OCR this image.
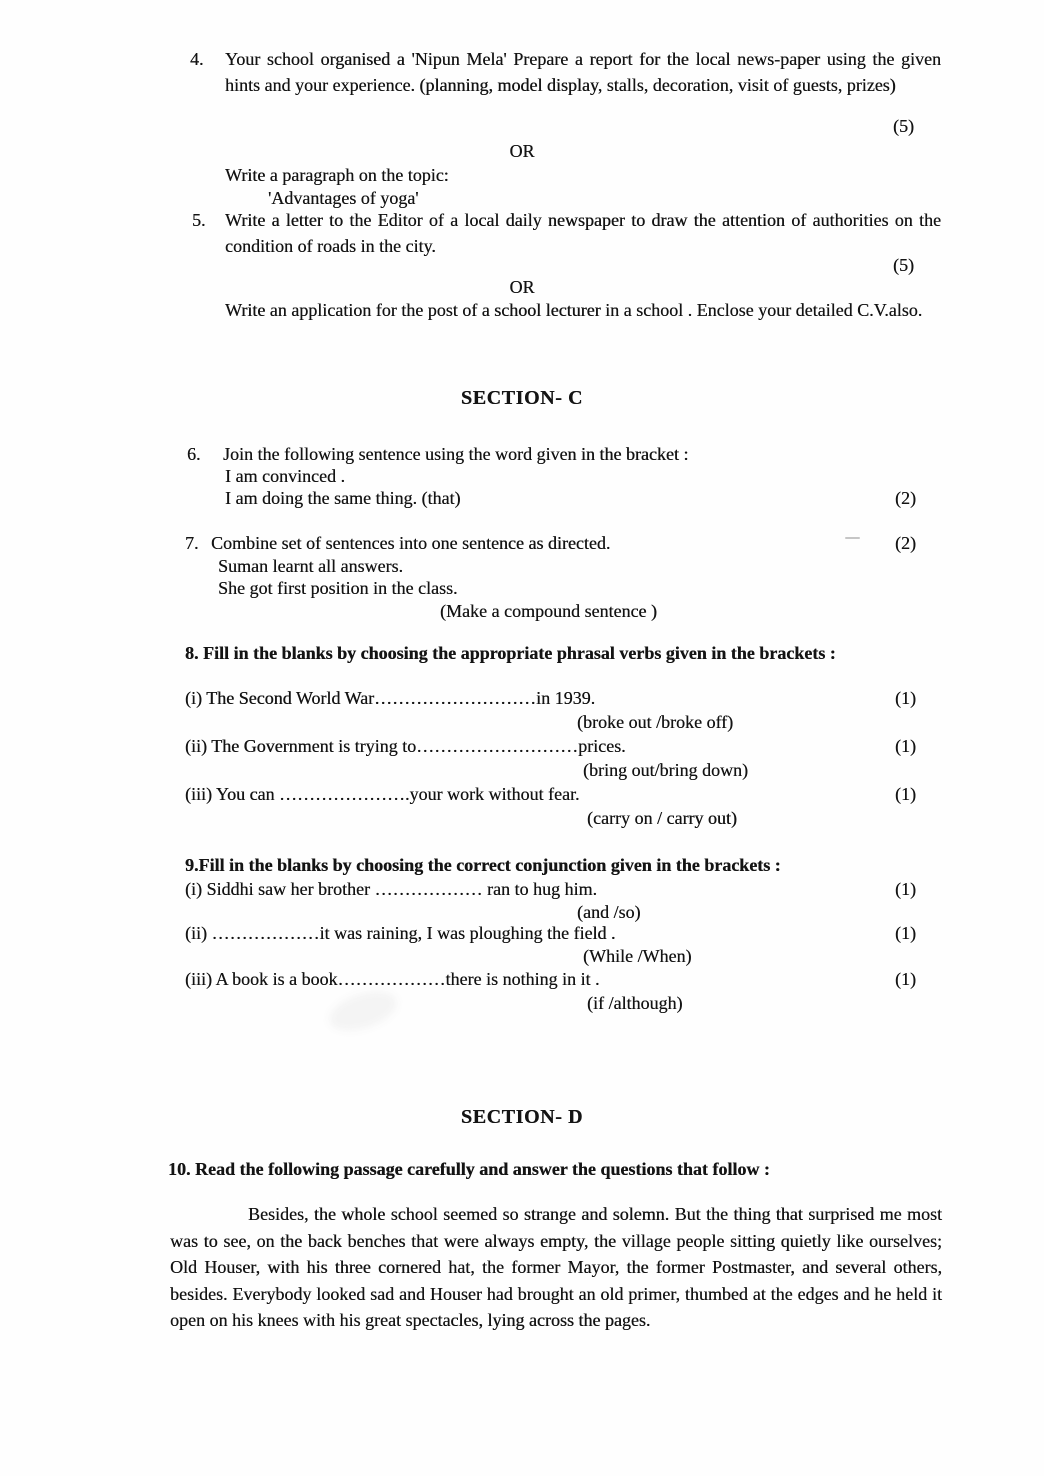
4. Your school organised a 'Nipun Mela' Prepare a report for the local news-paper using the given hints and your experience. (planning, model display, stalls, decoration, visit of guests, prizes)
(5)
OR
Write a paragraph on the topic:
'Advantages of yoga'
5. Write a letter to the Editor of a local daily newspaper to draw the attention of authorities on the condition of roads in the city.
(5)
OR
Write an application for the post of a school lecturer in a school . Enclose your detailed C.V.also.
SECTION- C
6. Join the following sentence using the word given in the bracket :
I am convinced .
I am doing the same thing. (that)	(2)
7. Combine set of sentences into one sentence as directed.	(2)
Suman learnt all answers.
She got first position in the class.
(Make a compound sentence )
8. Fill in the blanks by choosing the appropriate phrasal verbs given in the brackets :
(i) The Second World War………………………in 1939.	(1)
(broke out /broke off)
(ii) The Government is trying to………………………prices.	(1)
(bring out/bring down)
(iii) You can ………………….your work without fear.	(1)
(carry on / carry out)
9.Fill in the blanks by choosing the correct conjunction given in the brackets :
(i) Siddhi saw her brother ……………… ran to hug him.	(1)
(and /so)
(ii) ………………it was raining, I was ploughing the field .	(1)
(While /When)
(iii) A book is a book………………there is nothing in it .	(1)
(if /although)
SECTION- D
10. Read the following passage carefully and answer the questions that follow :
Besides, the whole school seemed so strange and solemn. But the thing that surprised me most was to see, on the back benches that were always empty, the village people sitting quietly like ourselves; Old Houser, with his three cornered hat, the former Mayor, the former Postmaster, and several others, besides. Everybody looked sad and Houser had brought an old primer, thumbed at the edges and he held it open on his knees with his great spectacles, lying across the pages.
